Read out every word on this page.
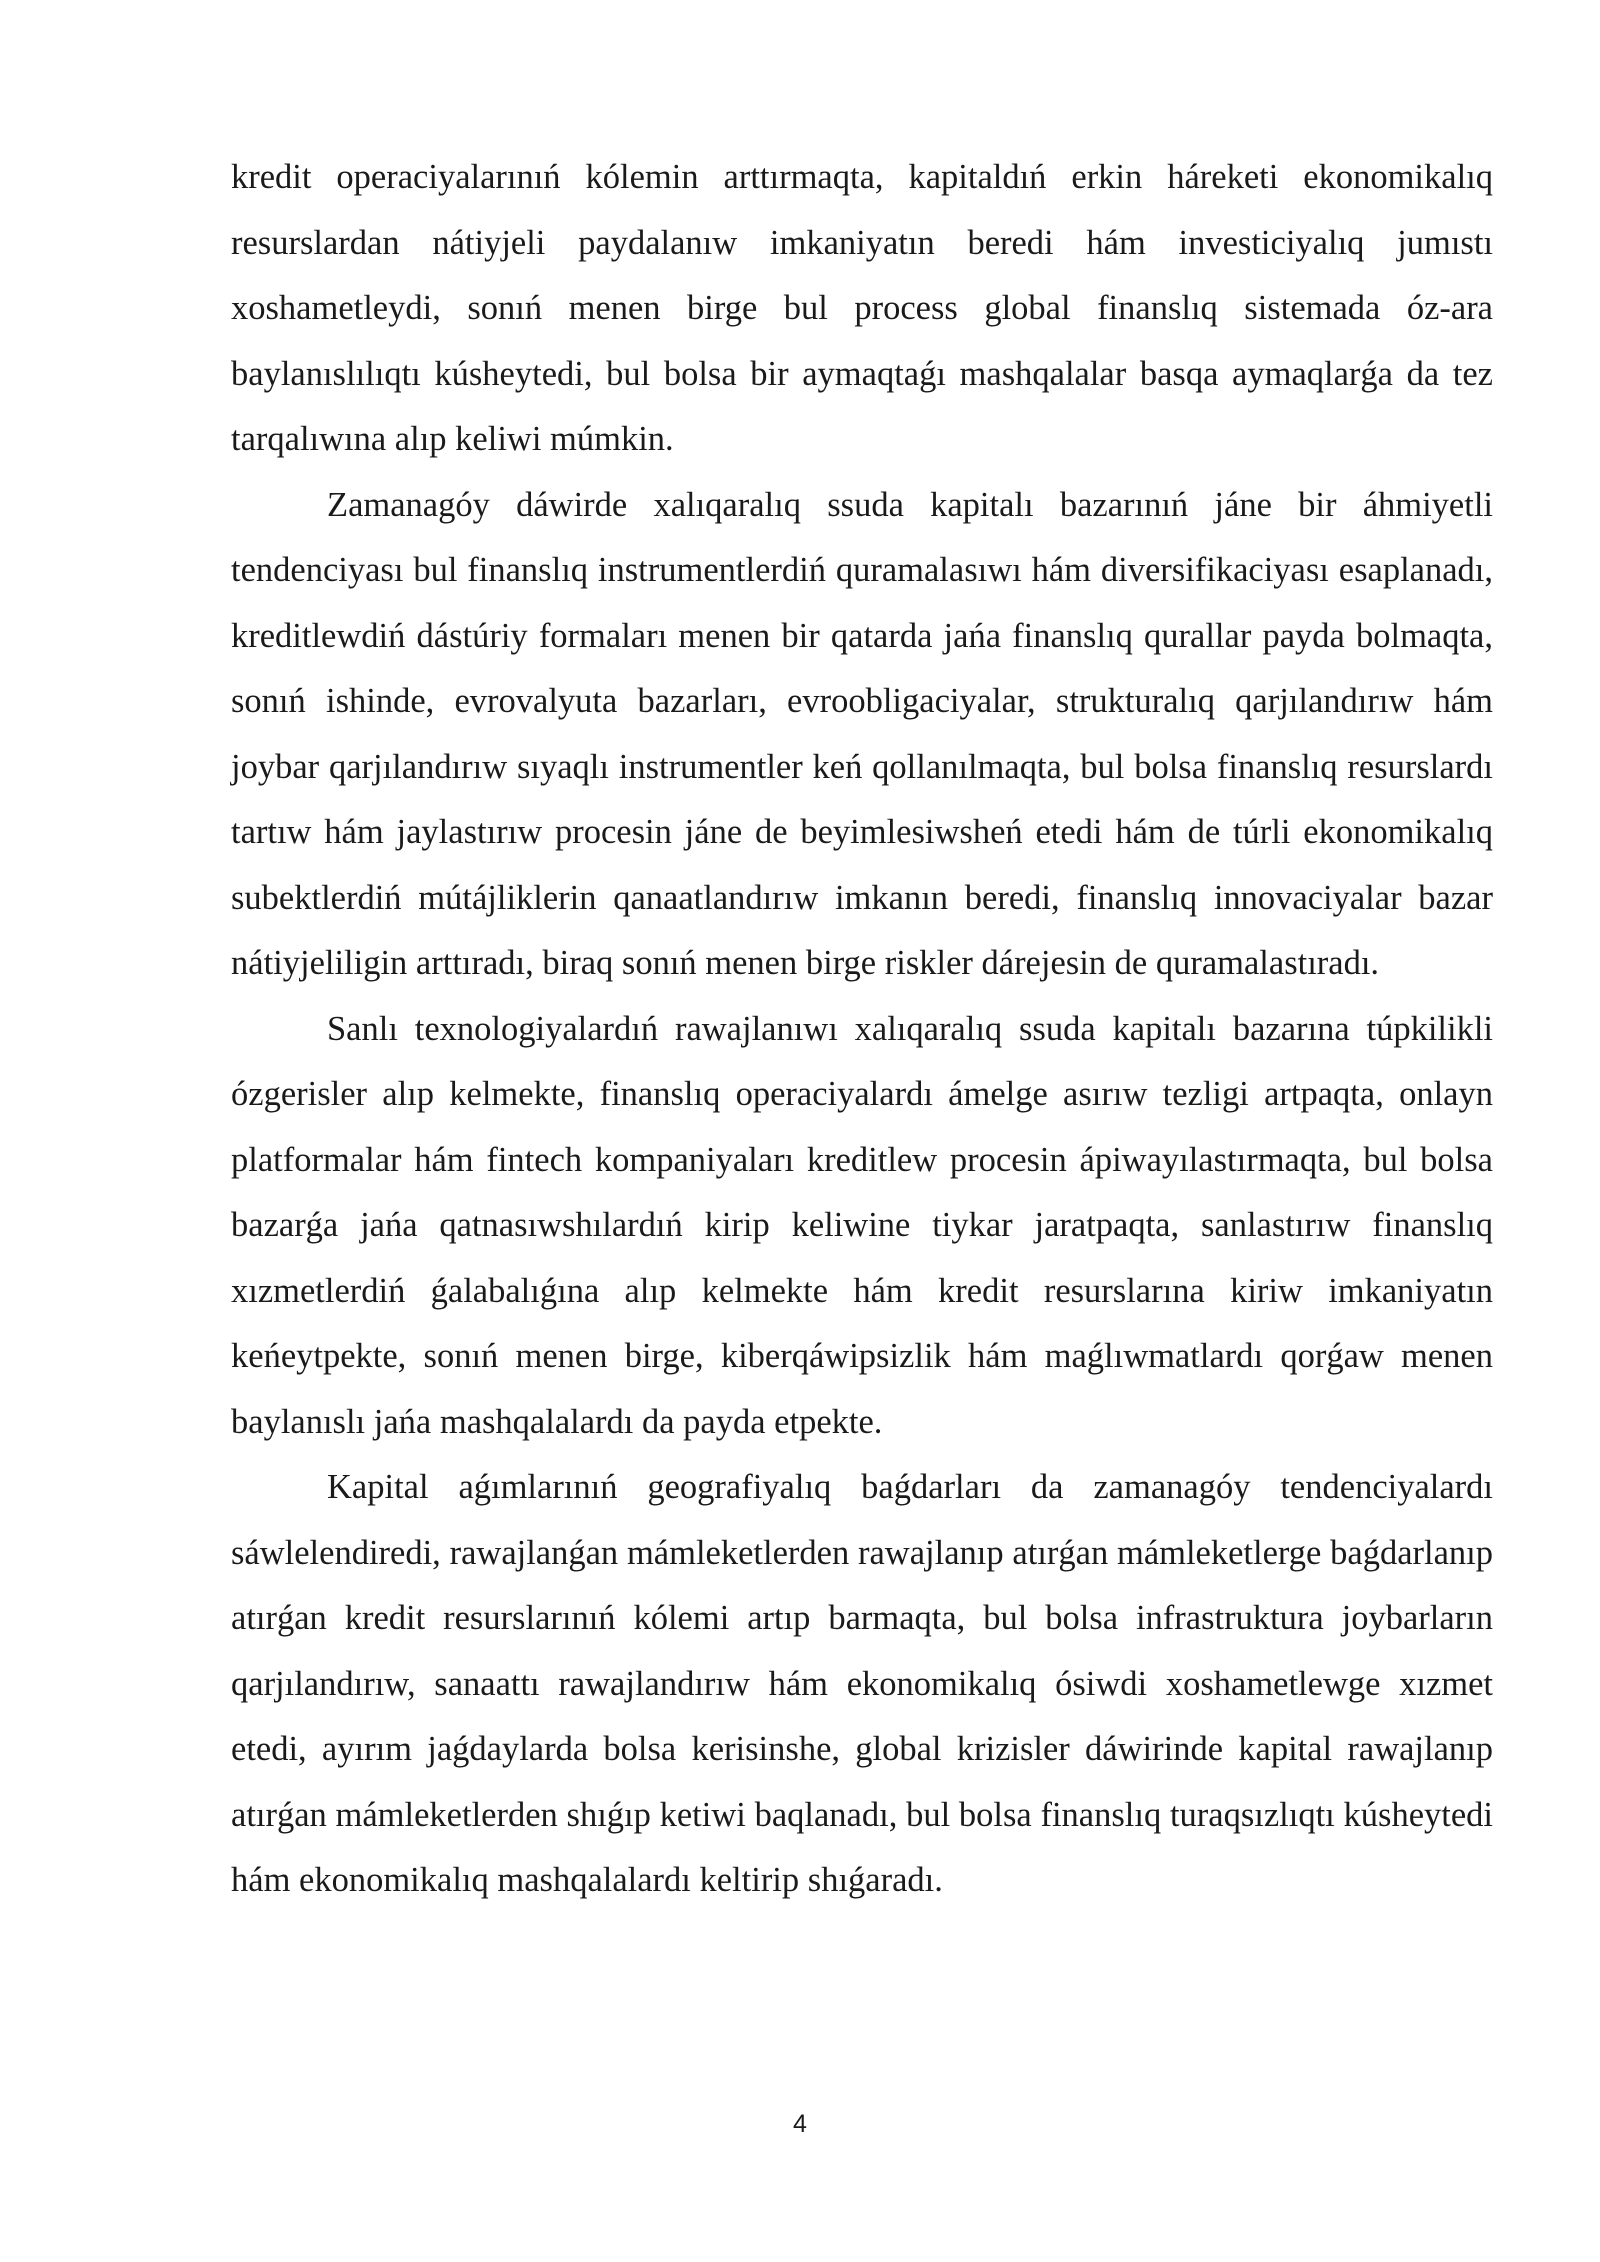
kredit operaciyalarınıń kólemin arttırmaqta, kapitaldıń erkin háreketi ekonomikalıq resurslardan nátiyjeli paydalanıw imkaniyatın beredi hám investiciyalıq jumıstı xoshametleydi, sonıń menen birge bul process global finanslıq sistemada óz-ara baylanıslılıqtı kúsheytedi, bul bolsa bir aymaqtaǵı mashqalalar basqa aymaqlarǵa da tez tarqalıwına alıp keliwi múmkin.

Zamanagóy dáwirde xalıqaralıq ssuda kapitalı bazarınıń jáne bir áhmiyetli tendenciyası bul finanslıq instrumentlerdiń quramalasıwı hám diversifikaciyası esaplanadı, kreditlewdiń dástúriy formaları menen bir qatarda jańa finanslıq qurallar payda bolmaqta, sonıń ishinde, evrovalyuta bazarları, evroobligaciyalar, strukturalıq qarjılandırıw hám joybar qarjılandırıw sıyaqlı instrumentler keń qollanılmaqta, bul bolsa finanslıq resurslardı tartıw hám jaylastırıw procesin jáne de beyimlesiwsheń etedi hám de túrli ekonomikalıq subektlerdiń mútájliklerin qanaatlandırıw imkanın beredi, finanslıq innovaciyalar bazar nátiyjeliligin arttıradı, biraq sonıń menen birge riskler dárejesin de quramalastıradı.

Sanlı texnologiyalardıń rawajlanıwı xalıqaralıq ssuda kapitalı bazarına túpkilikli ózgerisler alıp kelmekte, finanslıq operaciyalardı ámelge asırıw tezligi artpaqta, onlayn platformalar hám fintech kompaniyaları kreditlew procesin ápiwayılastırmaqta, bul bolsa bazarǵa jańa qatnasıwshılardıń kirip keliwine tiykar jaratpaqta, sanlastırıw finanslıq xızmetlerdiń ǵalabalıǵına alıp kelmekte hám kredit resurslarına kiriw imkaniyatın keńeytpekte, sonıń menen birge, kiberqáwipsizlik hám maǵlıwmatlardı qorǵaw menen baylanıslı jańa mashqalalardı da payda etpekte.

Kapital aǵımlarınıń geografiyalıq baǵdarları da zamanagóy tendenciyalardı sáwlelendiredi, rawajlanǵan mámleketlerden rawajlanıp atırǵan mámleketlerge baǵdarlanıp atırǵan kredit resurslarınıń kólemi artıp barmaqta, bul bolsa infrastruktura joybarların qarjılandırıw, sanaattı rawajlandırıw hám ekonomikalıq ósiwdi xoshametlewge xızmet etedi, ayırım jaǵdaylarda bolsa kerisinshe, global krizisler dáwirinde kapital rawajlanıp atırǵan mámleketlerden shıǵıp ketiwi baqlanadı, bul bolsa finanslıq turaqsızlıqtı kúsheytedi hám ekonomikalıq mashqalalardı keltirip shıǵaradı.

4
